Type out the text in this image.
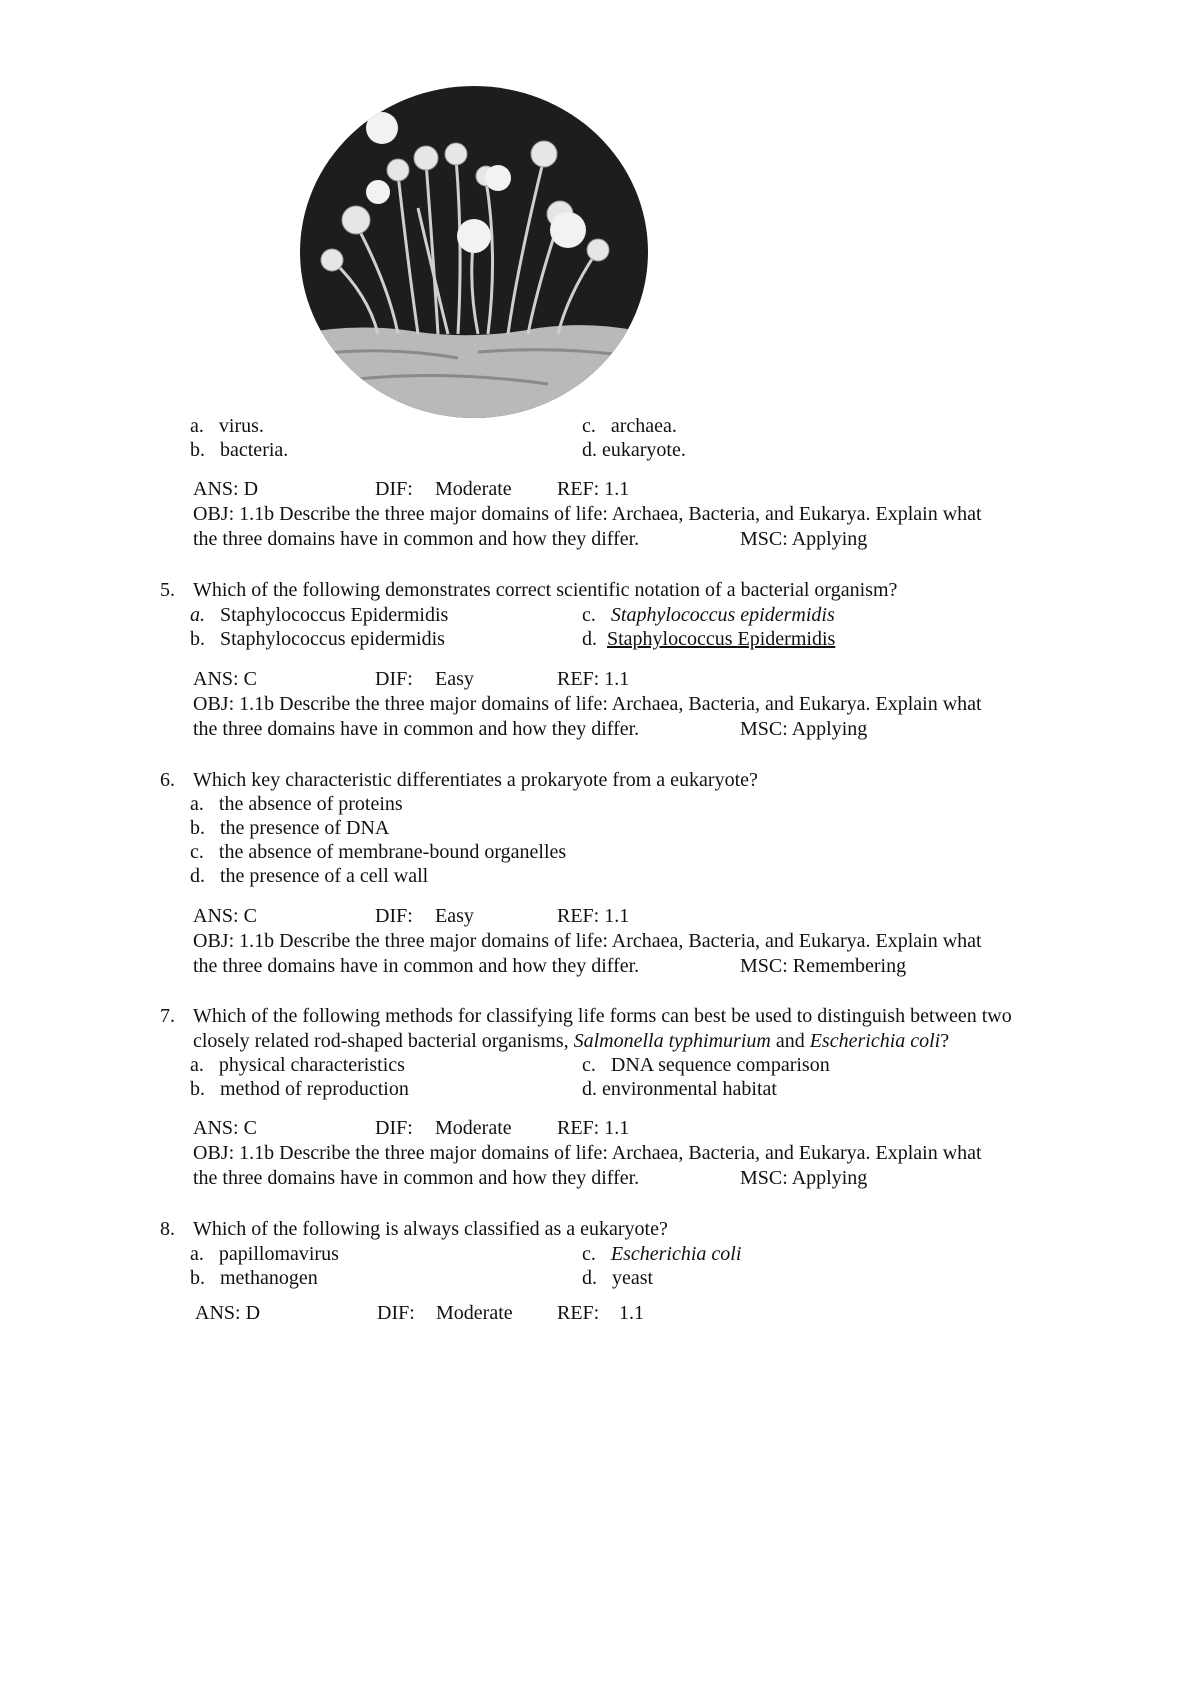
a. virus.
b. bacteria.
c. archaea.
d. eukaryote.
ANS: D	DIF: Moderate REF: 1.1
OBJ: 1.1b Describe the three major domains of life: Archaea, Bacteria, and Eukarya. Explain what
the three domains have in common and how they differ.	MSC: Applying
5. Which of the following demonstrates correct scientific notation of a bacterial organism?
a. Staphylococcus Epidermidis
b. Staphylococcus epidermidis
c. Staphylococcus epidermidis
d. Staphylococcus Epidermidis
ANS: C	DIF: Easy	REF: 1.1
OBJ: 1.1b Describe the three major domains of life: Archaea, Bacteria, and Eukarya. Explain what
the three domains have in common and how they differ.	MSC: Applying
6. Which key characteristic differentiates a prokaryote from a eukaryote?
a. the absence of proteins
b. the presence of DNA
c. the absence of membrane-bound organelles
d. the presence of a cell wall
ANS: C	DIF: Easy	REF: 1.1
OBJ: 1.1b Describe the three major domains of life: Archaea, Bacteria, and Eukarya. Explain what
the three domains have in common and how they differ.	MSC: Remembering
7. Which of the following methods for classifying life forms can best be used to distinguish between two
closely related rod-shaped bacterial organisms, Salmonella typhimurium and Escherichia coli?
a. physical characteristics
b. method of reproduction
c. DNA sequence comparison
d. environmental habitat
ANS: C	DIF: Moderate REF: 1.1
OBJ: 1.1b Describe the three major domains of life: Archaea, Bacteria, and Eukarya. Explain what
the three domains have in common and how they differ.	MSC: Applying
8. Which of the following is always classified as a eukaryote?
a. papillomavirus
b. methanogen
c. Escherichia coli
d. yeast
ANS: D	DIF: Moderate REF: 1.1
